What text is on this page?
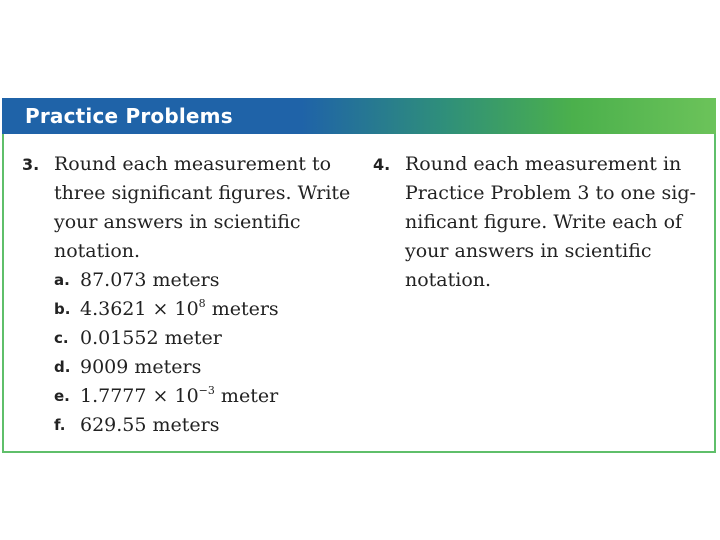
Practice Problems
3. Round each measurement to
three significant figures. Write
your answers in scientific
notation.
a. 87.073 meters
b. $4.3621 \times 10^8$ meters
c. 0.01552 meter
d. 9009 meters
e. $1.7777 \times 10^{-3}$ meter
f. 629.55 meters
4. Round each measurement in
Practice Problem 3 to one sig-
nificant figure. Write each of
your answers in scientific
notation.
